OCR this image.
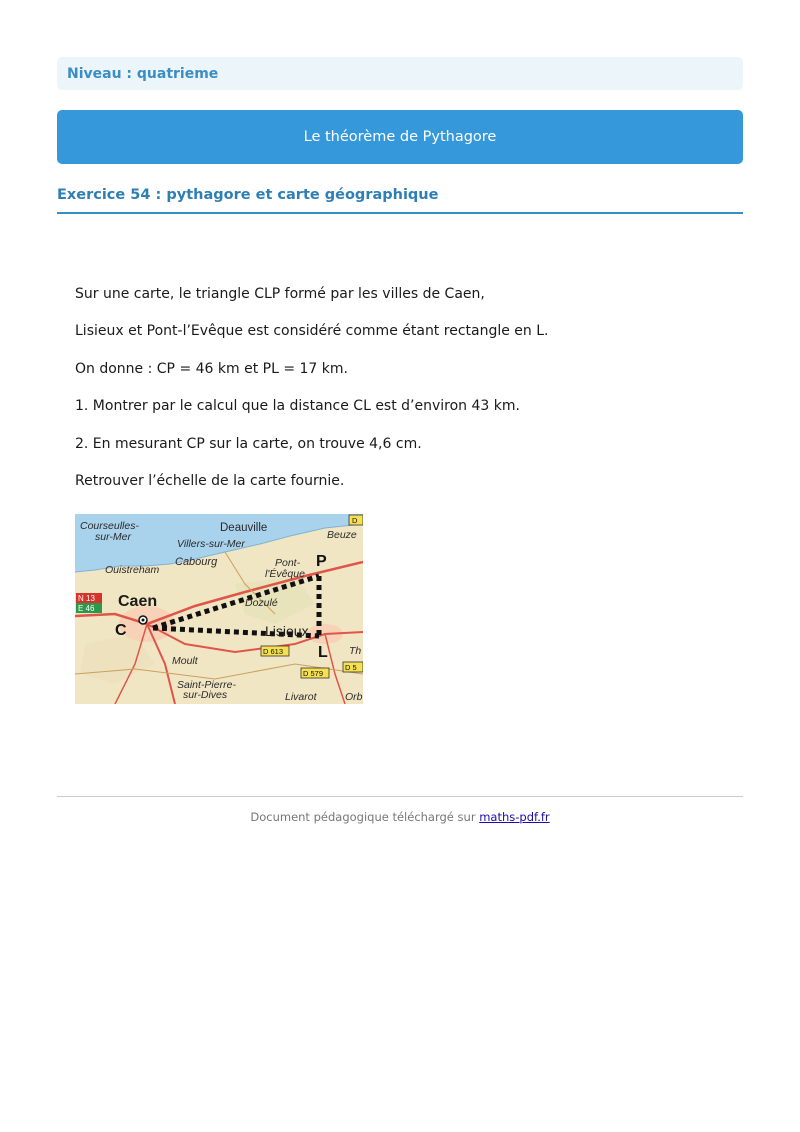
Niveau : quatrieme
Le théorème de Pythagore
Exercice 54 : pythagore et carte géographique

Sur une carte, le triangle CLP formé par les villes de Caen,

Lisieux et Pont-l’Evêque est considéré comme étant rectangle en L.

On donne : CP = 46 km et PL = 17 km.

1. Montrer par le calcul que la distance CL est d’environ 43 km.

2. En mesurant CP sur la carte, on trouve 4,6 cm.

Retrouver l’échelle de la carte fournie.

N 13
E 46
D 613
D 579
D 5
D
Courseulles-
sur-Mer
Deauville
Villers-sur-Mer
Beuze
Ouistreham
Cabourg	Pont-
l'Évêque
Caen	Dozulé
Lisieux
Moult
Saint-Pierre-
sur-Dives	Livarot	Orb
Th
C
P
L
Document pédagogique téléchargé sur maths-pdf.fr
